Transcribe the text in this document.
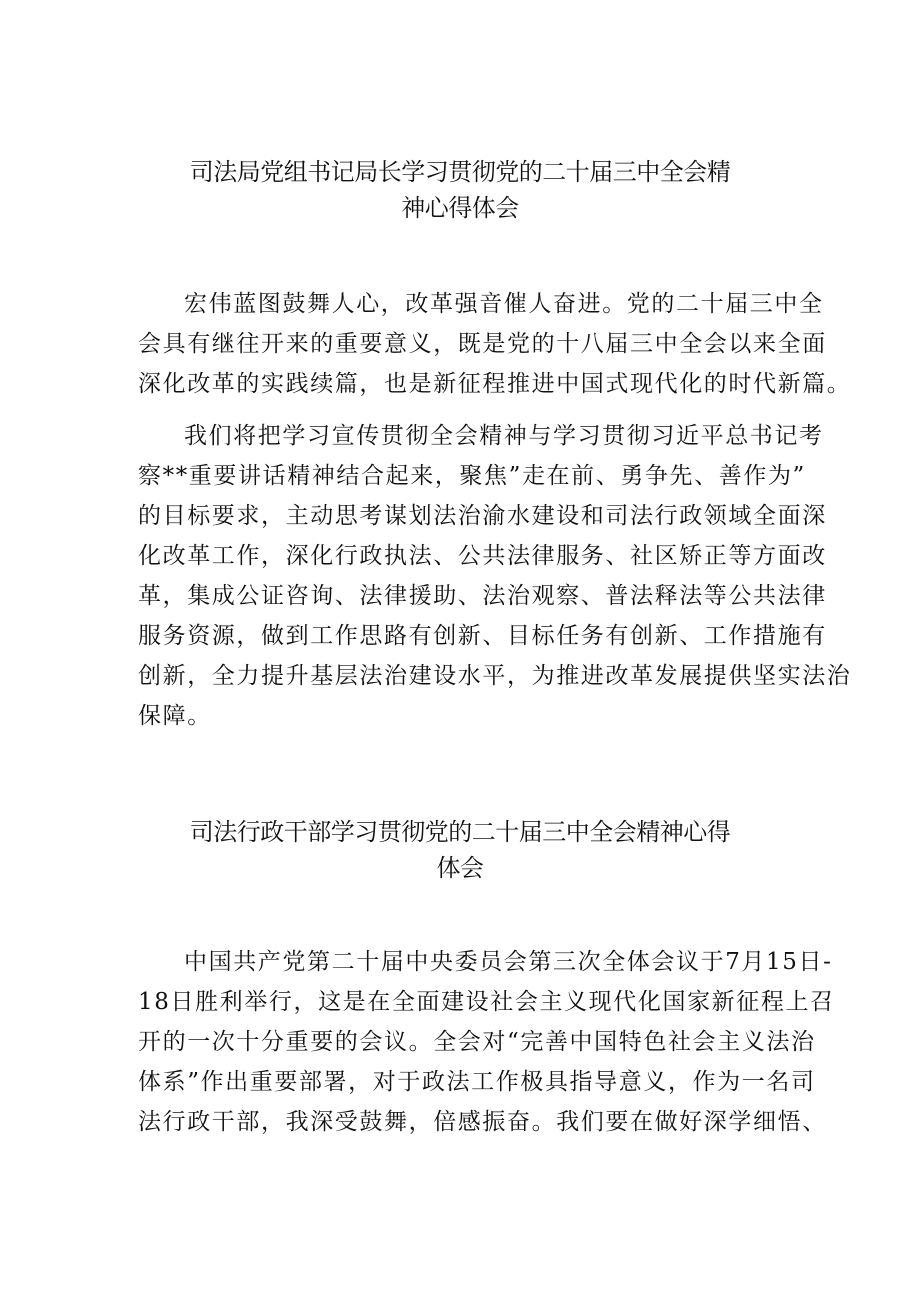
司法局党组书记局长学习贯彻党的二十届三中全会精
神心得体会
宏伟蓝图鼓舞人心，改革强音催人奋进。党的二十届三中全
会具有继往开来的重要意义，既是党的十八届三中全会以来全面
深化改革的实践续篇，也是新征程推进中国式现代化的时代新篇。
我们将把学习宣传贯彻全会精神与学习贯彻习近平总书记考
察**重要讲话精神结合起来，聚焦”走在前、勇争先、善作为”
的目标要求，主动思考谋划法治渝水建设和司法行政领域全面深
化改革工作，深化行政执法、公共法律服务、社区矫正等方面改
革，集成公证咨询、法律援助、法治观察、普法释法等公共法律
服务资源，做到工作思路有创新、目标任务有创新、工作措施有
创新，全力提升基层法治建设水平，为推进改革发展提供坚实法治
保障。
司法行政干部学习贯彻党的二十届三中全会精神心得
体会
中国共产党第二十届中央委员会第三次全体会议于7月15日-
18日胜利举行，这是在全面建设社会主义现代化国家新征程上召
开的一次十分重要的会议。全会对“完善中国特色社会主义法治
体系”作出重要部署，对于政法工作极具指导意义，作为一名司
法行政干部，我深受鼓舞，倍感振奋。我们要在做好深学细悟、
